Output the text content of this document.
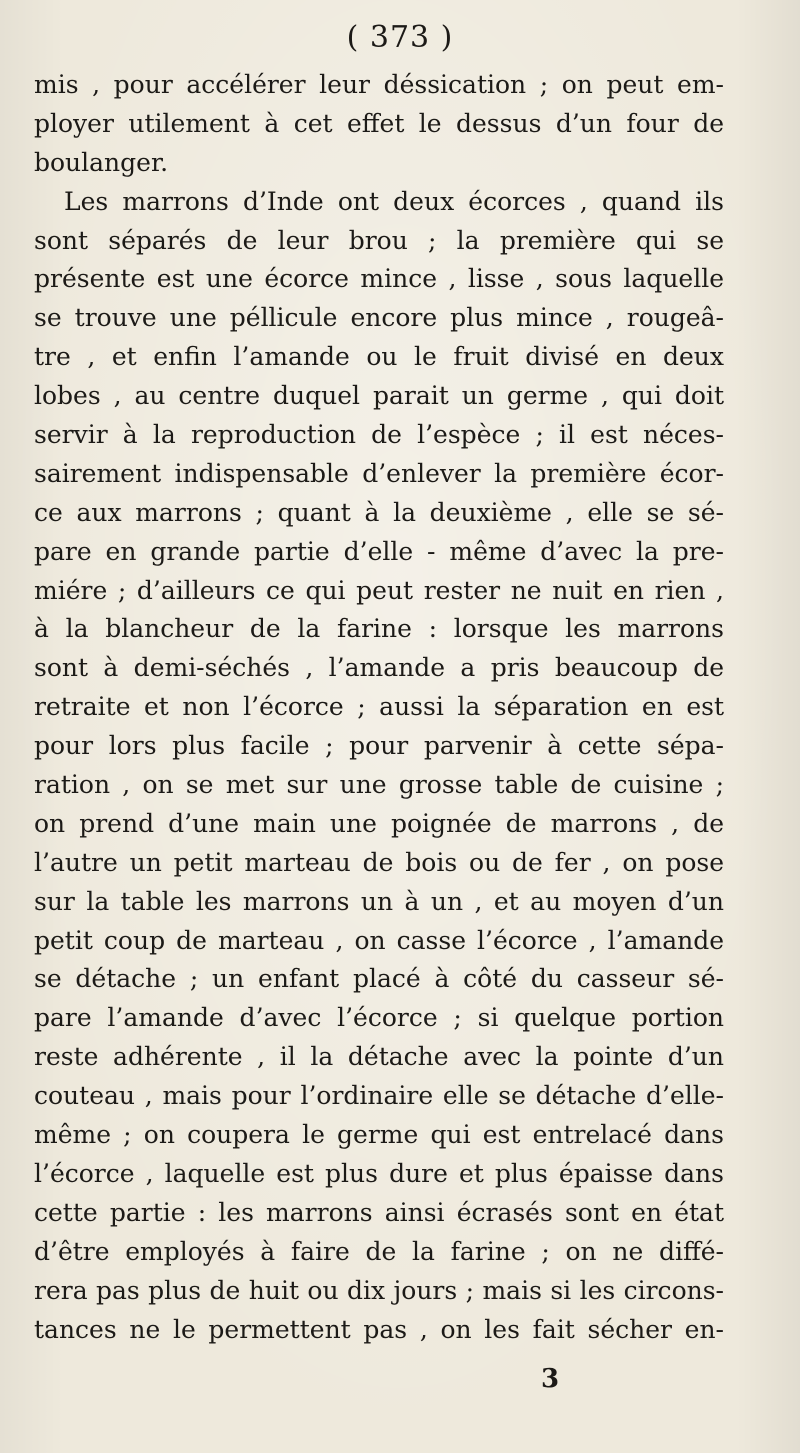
( 373 )
mis , pour accélérer leur déssication ; on peut em-
ployer utilement à cet effet le dessus d’un four de
boulanger.
Les marrons d’Inde ont deux écorces , quand ils
sont séparés de leur brou ; la première qui se
présente est une écorce mince , lisse , sous laquelle
se trouve une péllicule encore plus mince , rougeâ-
tre , et enfin l’amande ou le fruit divisé en deux
lobes , au centre duquel parait un germe , qui doit
servir à la reproduction de l’espèce ; il est néces-
sairement indispensable d’enlever la première écor-
ce aux marrons ; quant à la deuxième , elle se sé-
pare en grande partie d’elle - même d’avec la pre-
miére ; d’ailleurs ce qui peut rester ne nuit en rien ,
à la blancheur de la farine : lorsque les marrons
sont à demi-séchés , l’amande a pris beaucoup de
retraite et non l’écorce ; aussi la séparation en est
pour lors plus facile ; pour parvenir à cette sépa-
ration , on se met sur une grosse table de cuisine ;
on prend d’une main une poignée de marrons , de
l’autre un petit marteau de bois ou de fer , on pose
sur la table les marrons un à un , et au moyen d’un
petit coup de marteau , on casse l’écorce , l’amande
se détache ; un enfant placé à côté du casseur sé-
pare l’amande d’avec l’écorce ; si quelque portion
reste adhérente , il la détache avec la pointe d’un
couteau , mais pour l’ordinaire elle se détache d’elle-
même ; on coupera le germe qui est entrelacé dans
l’écorce , laquelle est plus dure et plus épaisse dans
cette partie : les marrons ainsi écrasés sont en état
d’être employés à faire de la farine ; on ne diffé-
rera pas plus de huit ou dix jours ; mais si les circons-
tances ne le permettent pas , on les fait sécher en-
3
